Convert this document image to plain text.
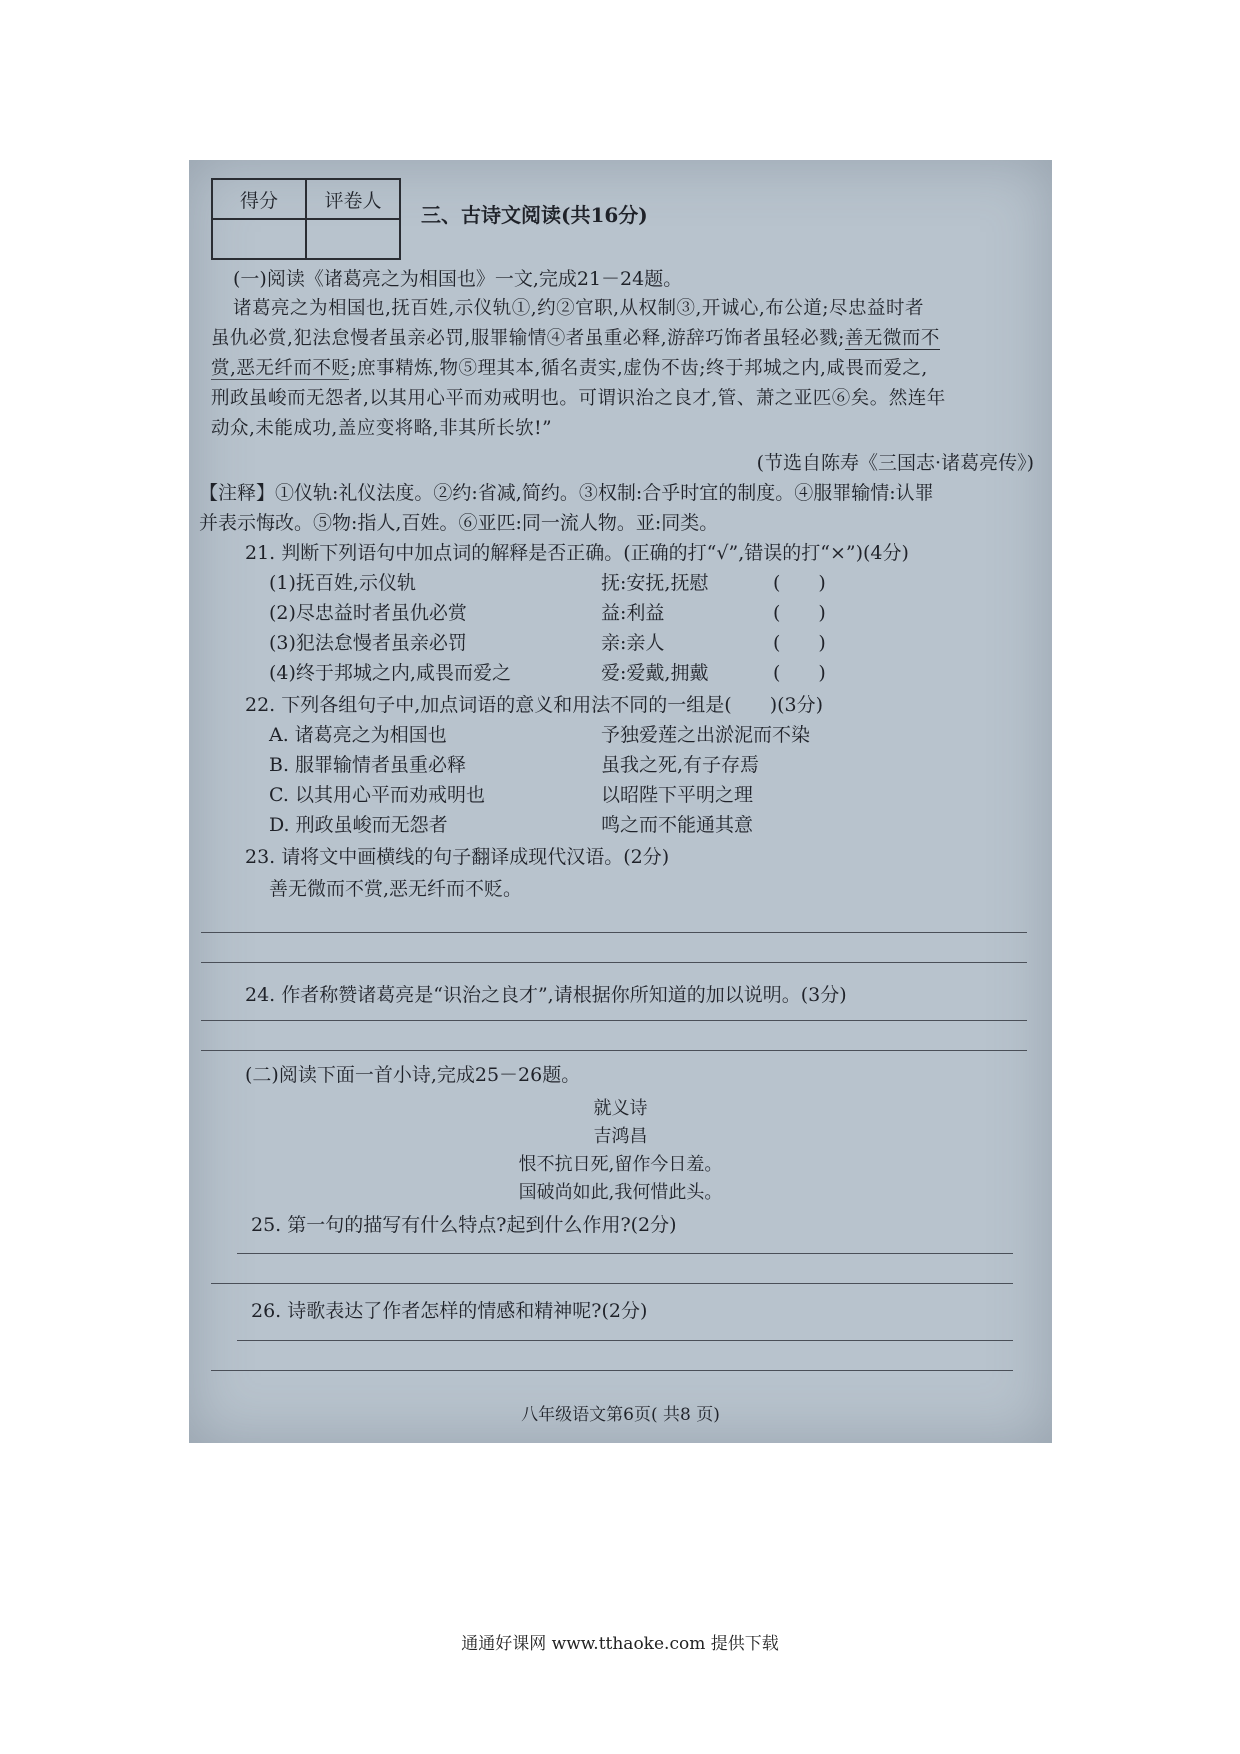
得分	评卷人

三、古诗文阅读(共16分)
(一)阅读《诸葛亮之为相国也》一文,完成21－24题。
诸葛亮之为相国也,抚百姓,示仪轨①,约②官职,从权制③,开诚心,布公道;尽忠益时者
虽仇必赏,犯法怠慢者虽亲必罚,服罪输情④者虽重必释,游辞巧饰者虽轻必戮;善无微而不
赏,恶无纤而不贬;庶事精炼,物⑤理其本,循名责实,虚伪不齿;终于邦城之内,咸畏而爱之,
刑政虽峻而无怨者,以其用心平而劝戒明也。可谓识治之良才,管、萧之亚匹⑥矣。然连年
动众,未能成功,盖应变将略,非其所长欤!”
(节选自陈寿《三国志·诸葛亮传》)
【注释】①仪轨:礼仪法度。②约:省减,简约。③权制:合乎时宜的制度。④服罪输情:认罪
并表示悔改。⑤物:指人,百姓。⑥亚匹:同一流人物。亚:同类。
21. 判断下列语句中加点词的解释是否正确。(正确的打“√”,错误的打“×”)(4分)
(1)抚百姓,示仪轨	抚:安抚,抚慰	(　　)
(2)尽忠益时者虽仇必赏	益:利益	(　　)
(3)犯法怠慢者虽亲必罚	亲:亲人	(　　)
(4)终于邦城之内,咸畏而爱之	爱:爱戴,拥戴	(　　)
22. 下列各组句子中,加点词语的意义和用法不同的一组是(　　)(3分)
A. 诸葛亮之为相国也	予独爱莲之出淤泥而不染
B. 服罪输情者虽重必释	虽我之死,有子存焉
C. 以其用心平而劝戒明也	以昭陛下平明之理
D. 刑政虽峻而无怨者	鸣之而不能通其意
23. 请将文中画横线的句子翻译成现代汉语。(2分)
善无微而不赏,恶无纤而不贬。
24. 作者称赞诸葛亮是“识治之良才”,请根据你所知道的加以说明。(3分)
(二)阅读下面一首小诗,完成25－26题。
就义诗
吉鸿昌
恨不抗日死,留作今日羞。
国破尚如此,我何惜此头。
25. 第一句的描写有什么特点?起到什么作用?(2分)
26. 诗歌表达了作者怎样的情感和精神呢?(2分)
八年级语文第6页( 共8 页)
通通好课网 www.tthaoke.com 提供下载
